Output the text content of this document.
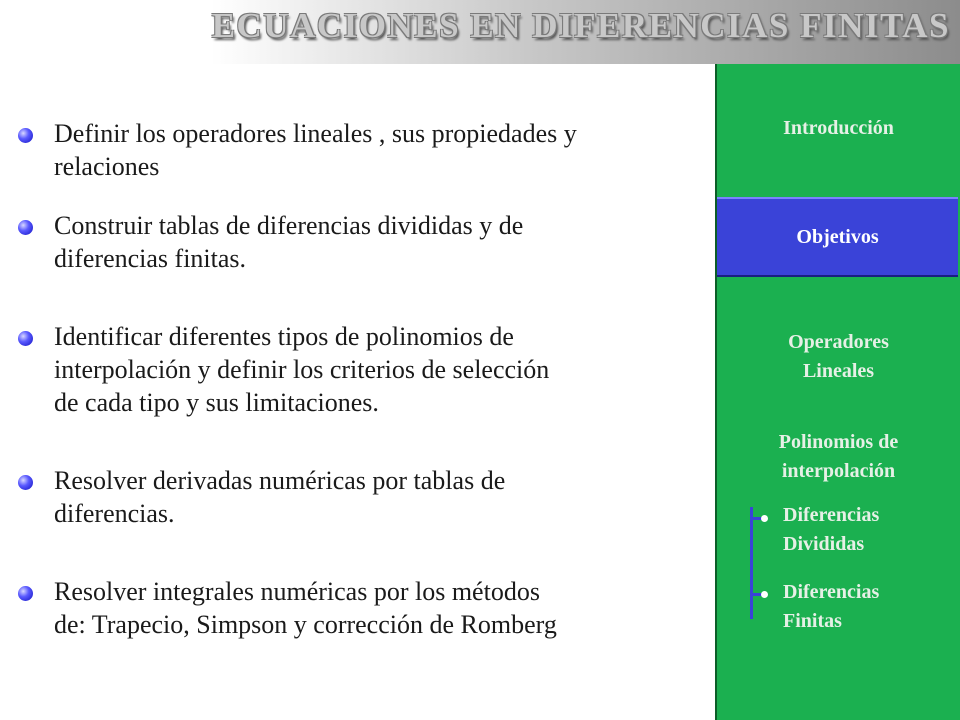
ECUACIONES EN DIFERENCIAS FINITAS
Definir los operadores lineales , sus propiedades y
relaciones
Construir tablas de diferencias divididas y de
diferencias finitas.
Identificar diferentes tipos de polinomios de
interpolación y definir los criterios de selección
de cada tipo y sus limitaciones.
Resolver derivadas numéricas por tablas de
diferencias.
Resolver integrales numéricas por los métodos
de: Trapecio, Simpson y corrección de Romberg
Introducción
Objetivos
Operadores
Lineales
Polinomios de
interpolación
Diferencias
Divididas
Diferencias
Finitas
